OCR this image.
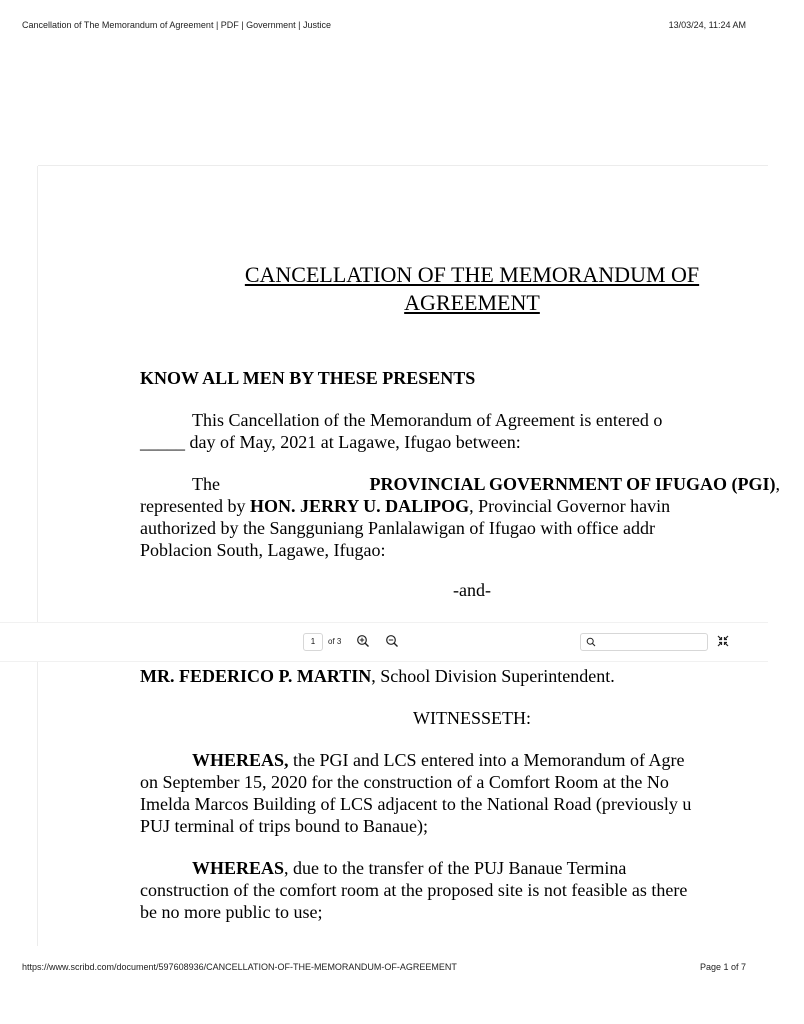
Cancellation of The Memorandum of Agreement | PDF | Government | Justice	13/03/24, 11:24 AM
CANCELLATION OF THE MEMORANDUM OF
AGREEMENT
KNOW ALL MEN BY THESE PRESENTS
This Cancellation of the Memorandum of Agreement is entered o
_____ day of May, 2021 at Lagawe, Ifugao between:
The	PROVINCIAL GOVERNMENT OF IFUGAO (PGI),
represented by HON. JERRY U. DALIPOG, Provincial Governor havin
authorized by the Sangguniang Panlalawigan of Ifugao with office addr
Poblacion South, Lagawe, Ifugao:
-and-
MR. FEDERICO P. MARTIN, School Division Superintendent.
WITNESSETH:
WHEREAS, the PGI and LCS entered into a Memorandum of Agre
on September 15, 2020 for the construction of a Comfort Room at the No
Imelda Marcos Building of LCS adjacent to the National Road (previously u
PUJ terminal of trips bound to Banaue);
WHEREAS, due to the transfer of the PUJ Banaue Termina
construction of the comfort room at the proposed site is not feasible as there
be no more public to use;
1	of 3
https://www.scribd.com/document/597608936/CANCELLATION-OF-THE-MEMORANDUM-OF-AGREEMENT	Page 1 of 7
